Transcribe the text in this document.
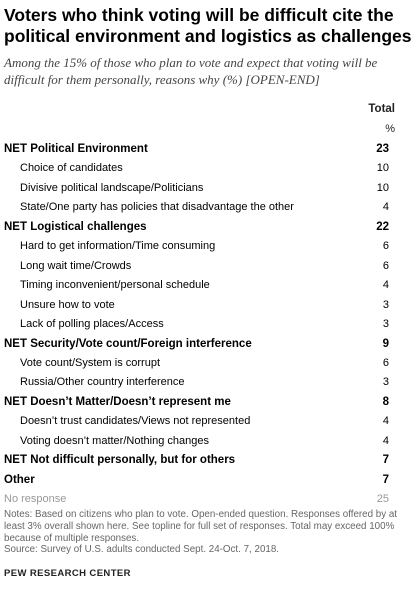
Voters who think voting will be difficult cite the political environment and logistics as challenges
Among the 15% of those who plan to vote and expect that voting will be difficult for them personally, reasons why (%) [OPEN-END]
Total
%
NET Political Environment	23
Choice of candidates	10
Divisive political landscape/Politicians	10
State/One party has policies that disadvantage the other	4
NET Logistical challenges	22
Hard to get information/Time consuming	6
Long wait time/Crowds	6
Timing inconvenient/personal schedule	4
Unsure how to vote	3
Lack of polling places/Access	3
NET Security/Vote count/Foreign interference	9
Vote count/System is corrupt	6
Russia/Other country interference	3
NET Doesn’t Matter/Doesn’t represent me	8
Doesn’t trust candidates/Views not represented	4
Voting doesn’t matter/Nothing changes	4
NET Not difficult personally, but for others	7
Other	7
No response	25
Notes: Based on citizens who plan to vote. Open-ended question. Responses offered by at least 3% overall shown here. See topline for full set of responses. Total may exceed 100% because of multiple responses.
Source: Survey of U.S. adults conducted Sept. 24-Oct. 7, 2018.
PEW RESEARCH CENTER
